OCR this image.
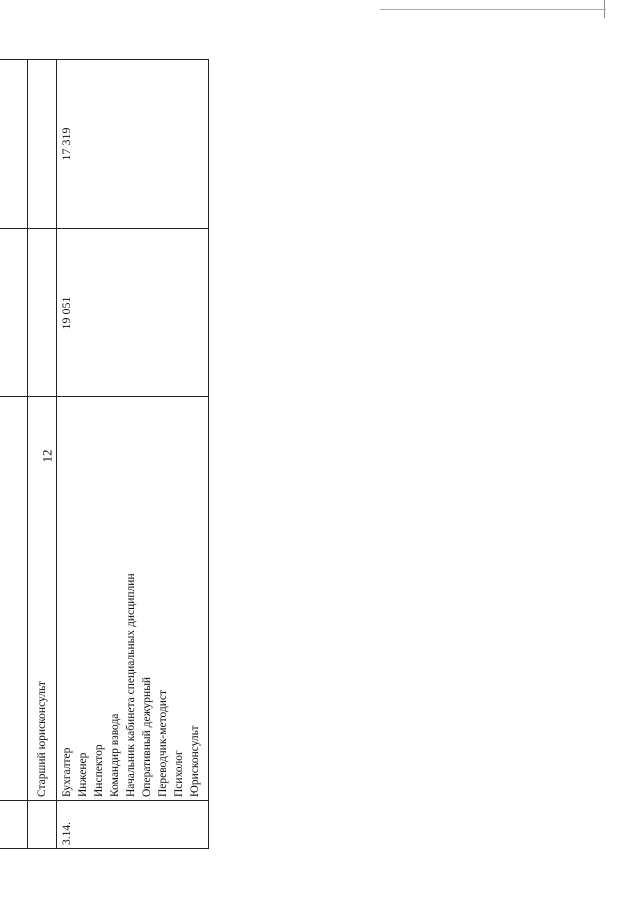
12
Старший юрисконсульт
3.14.
Бухгалтер Инженер Инспектор Командир взвода Начальник кабинета специальных дисциплин Оперативный дежурный Переводчик-методист Психолог Юрисконсульт
19 051
17 319
